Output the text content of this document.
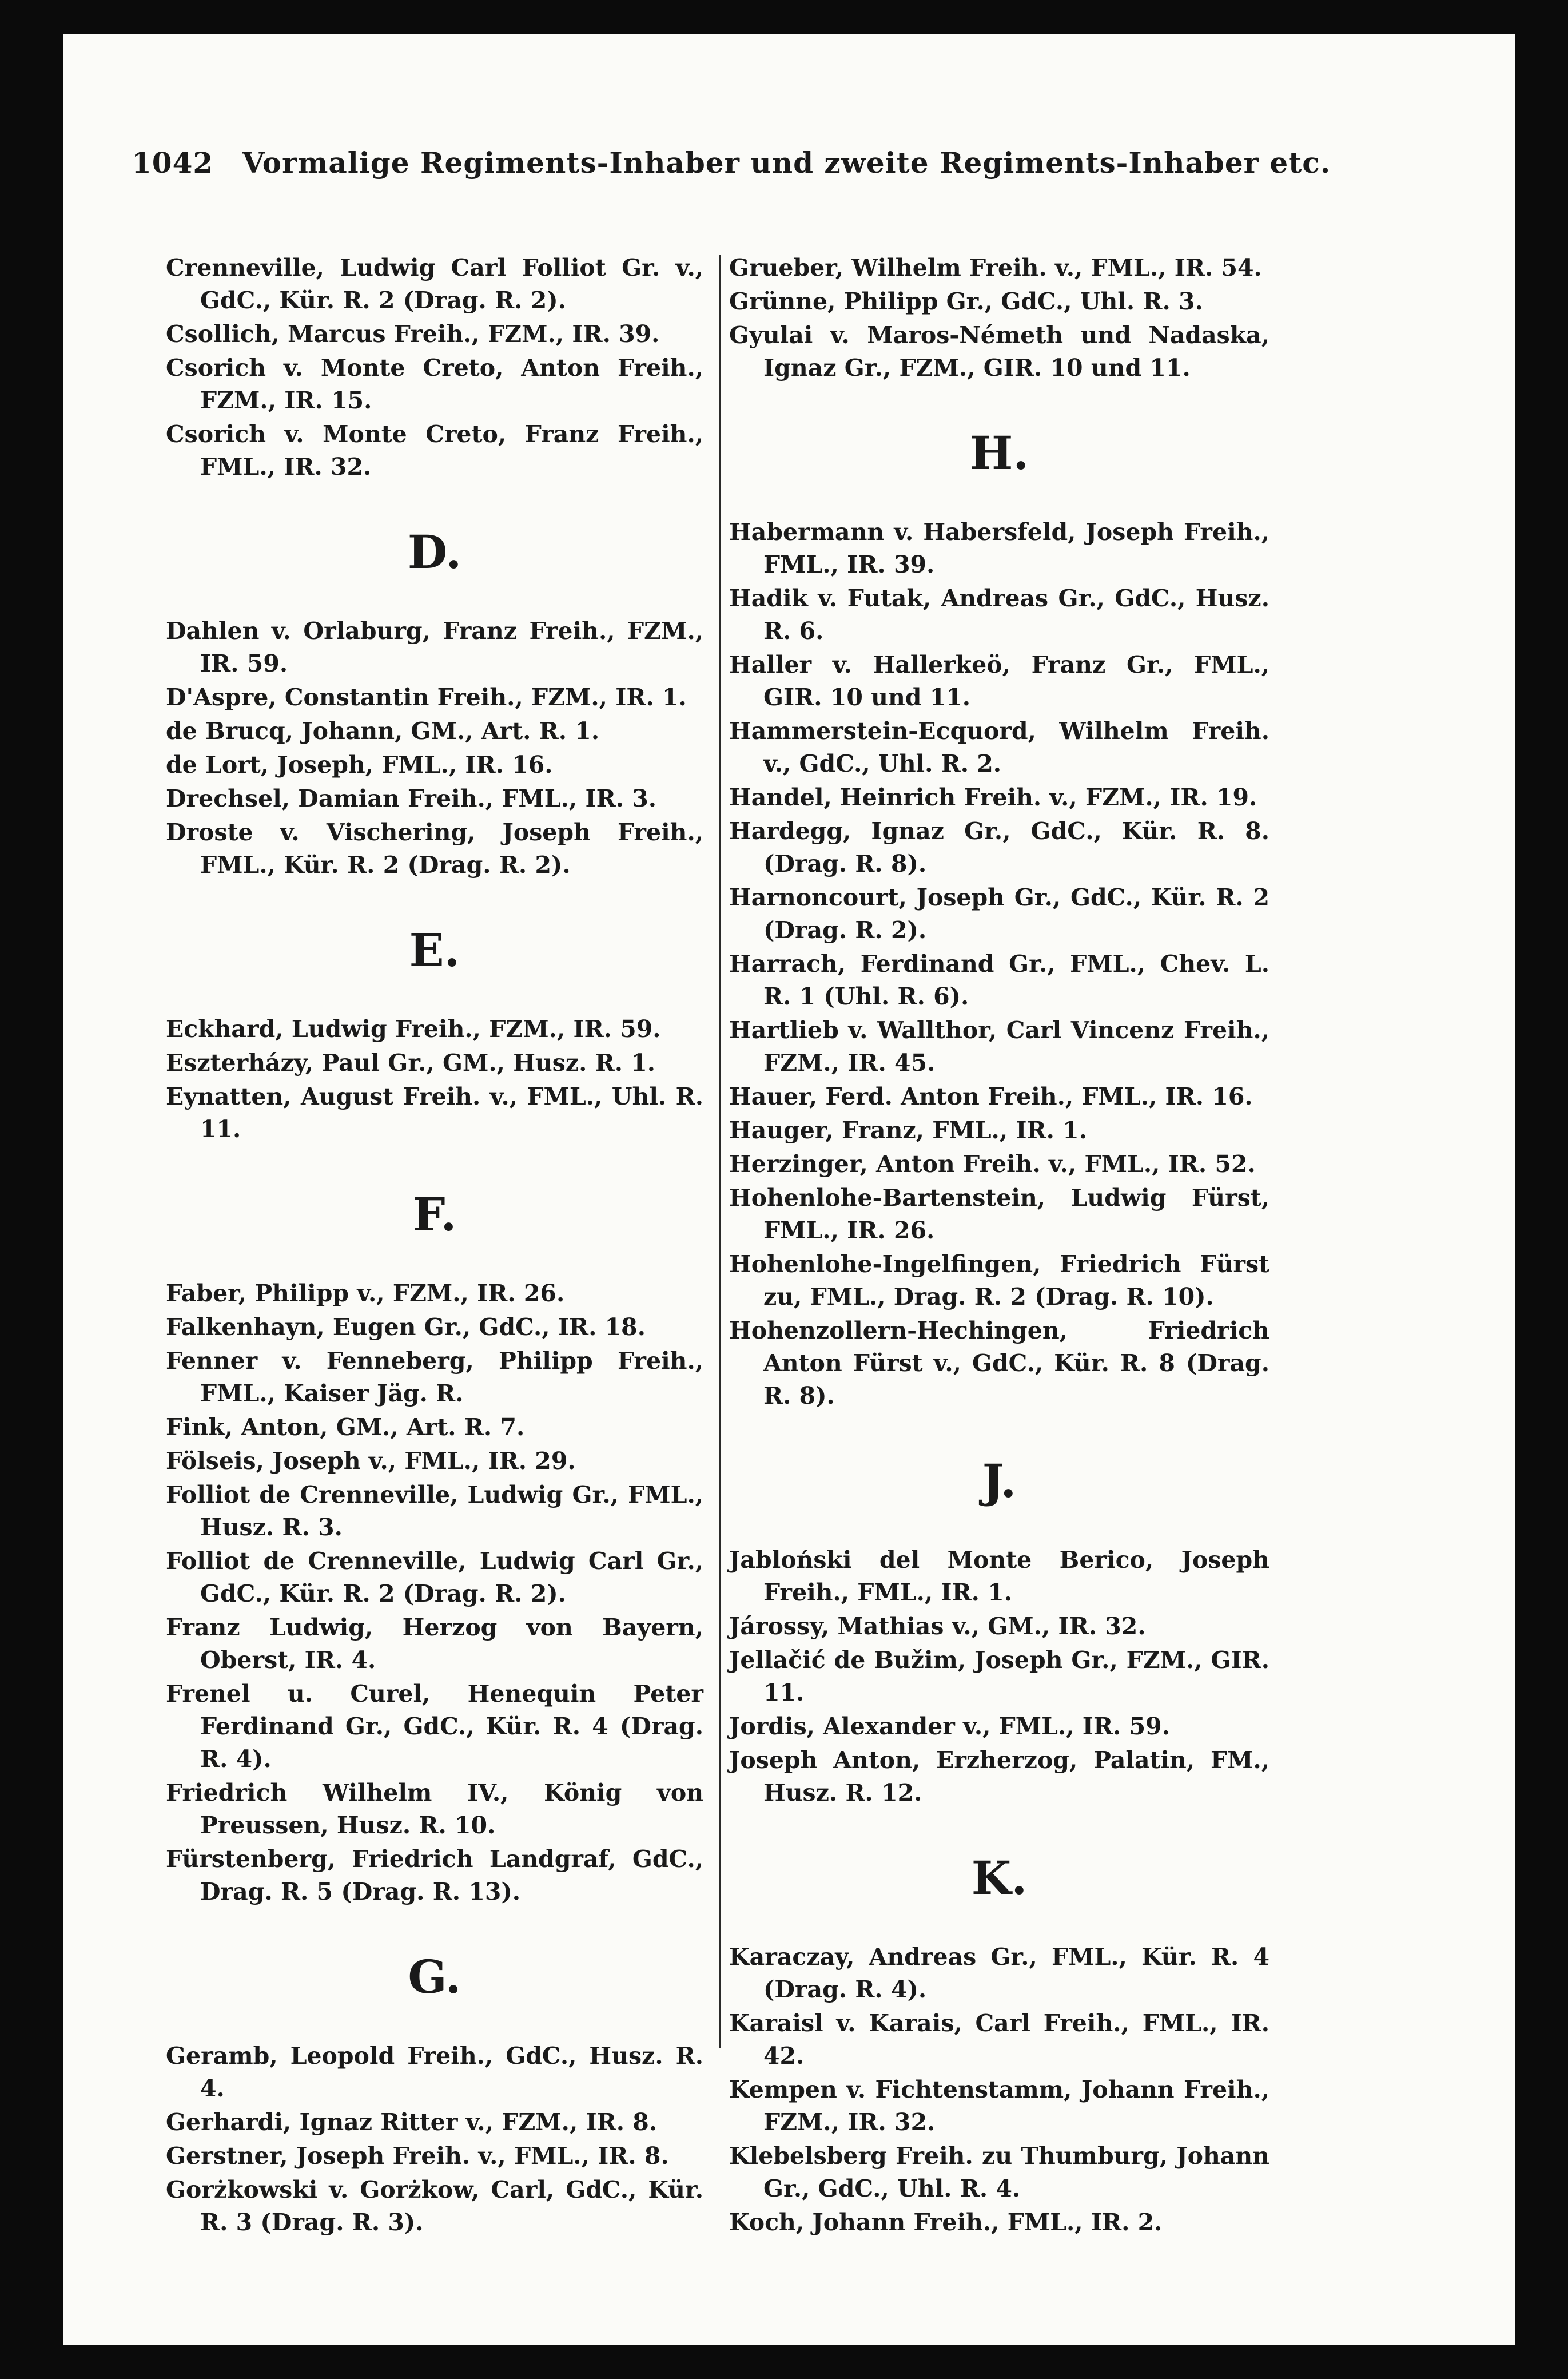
1042 Vormalige Regiments-Inhaber und zweite Regiments-Inhaber etc.

Crenneville, Ludwig Carl Folliot Gr. v., GdC., Kür. R. 2 (Drag. R. 2).

Csollich, Marcus Freih., FZM., IR. 39.

Csorich v. Monte Creto, Anton Freih., FZM., IR. 15.

Csorich v. Monte Creto, Franz Freih., FML., IR. 32.

D.

Dahlen v. Orlaburg, Franz Freih., FZM., IR. 59.

D'Aspre, Constantin Freih., FZM., IR. 1.

de Brucq, Johann, GM., Art. R. 1.

de Lort, Joseph, FML., IR. 16.

Drechsel, Damian Freih., FML., IR. 3.

Droste v. Vischering, Joseph Freih., FML., Kür. R. 2 (Drag. R. 2).

E.

Eckhard, Ludwig Freih., FZM., IR. 59.

Eszterházy, Paul Gr., GM., Husz. R. 1.

Eynatten, August Freih. v., FML., Uhl. R. 11.

F.

Faber, Philipp v., FZM., IR. 26.

Falkenhayn, Eugen Gr., GdC., IR. 18.

Fenner v. Fenneberg, Philipp Freih., FML., Kaiser Jäg. R.

Fink, Anton, GM., Art. R. 7.

Fölseis, Joseph v., FML., IR. 29.

Folliot de Crenneville, Ludwig Gr., FML., Husz. R. 3.

Folliot de Crenneville, Ludwig Carl Gr., GdC., Kür. R. 2 (Drag. R. 2).

Franz Ludwig, Herzog von Bayern, Oberst, IR. 4.

Frenel u. Curel, Henequin Peter Ferdinand Gr., GdC., Kür. R. 4 (Drag. R. 4).

Friedrich Wilhelm IV., König von Preussen, Husz. R. 10.

Fürstenberg, Friedrich Landgraf, GdC., Drag. R. 5 (Drag. R. 13).

G.

Geramb, Leopold Freih., GdC., Husz. R. 4.

Gerhardi, Ignaz Ritter v., FZM., IR. 8.

Gerstner, Joseph Freih. v., FML., IR. 8.

Gorżkowski v. Gorżkow, Carl, GdC., Kür. R. 3 (Drag. R. 3).

Grueber, Wilhelm Freih. v., FML., IR. 54.

Grünne, Philipp Gr., GdC., Uhl. R. 3.

Gyulai v. Maros-Németh und Nadaska, Ignaz Gr., FZM., GIR. 10 und 11.

H.

Habermann v. Habersfeld, Joseph Freih., FML., IR. 39.

Hadik v. Futak, Andreas Gr., GdC., Husz. R. 6.

Haller v. Hallerkeö, Franz Gr., FML., GIR. 10 und 11.

Hammerstein-Ecquord, Wilhelm Freih. v., GdC., Uhl. R. 2.

Handel, Heinrich Freih. v., FZM., IR. 19.

Hardegg, Ignaz Gr., GdC., Kür. R. 8. (Drag. R. 8).

Harnoncourt, Joseph Gr., GdC., Kür. R. 2 (Drag. R. 2).

Harrach, Ferdinand Gr., FML., Chev. L. R. 1 (Uhl. R. 6).

Hartlieb v. Wallthor, Carl Vincenz Freih., FZM., IR. 45.

Hauer, Ferd. Anton Freih., FML., IR. 16.

Hauger, Franz, FML., IR. 1.

Herzinger, Anton Freih. v., FML., IR. 52.

Hohenlohe-Bartenstein, Ludwig Fürst, FML., IR. 26.

Hohenlohe-Ingelfingen, Friedrich Fürst zu, FML., Drag. R. 2 (Drag. R. 10).

Hohenzollern-Hechingen, Friedrich Anton Fürst v., GdC., Kür. R. 8 (Drag. R. 8).

J.

Jabloński del Monte Berico, Joseph Freih., FML., IR. 1.

Járossy, Mathias v., GM., IR. 32.

Jellačić de Bužim, Joseph Gr., FZM., GIR. 11.

Jordis, Alexander v., FML., IR. 59.

Joseph Anton, Erzherzog, Palatin, FM., Husz. R. 12.

K.

Karaczay, Andreas Gr., FML., Kür. R. 4 (Drag. R. 4).

Karaisl v. Karais, Carl Freih., FML., IR. 42.

Kempen v. Fichtenstamm, Johann Freih., FZM., IR. 32.

Klebelsberg Freih. zu Thumburg, Johann Gr., GdC., Uhl. R. 4.

Koch, Johann Freih., FML., IR. 2.
